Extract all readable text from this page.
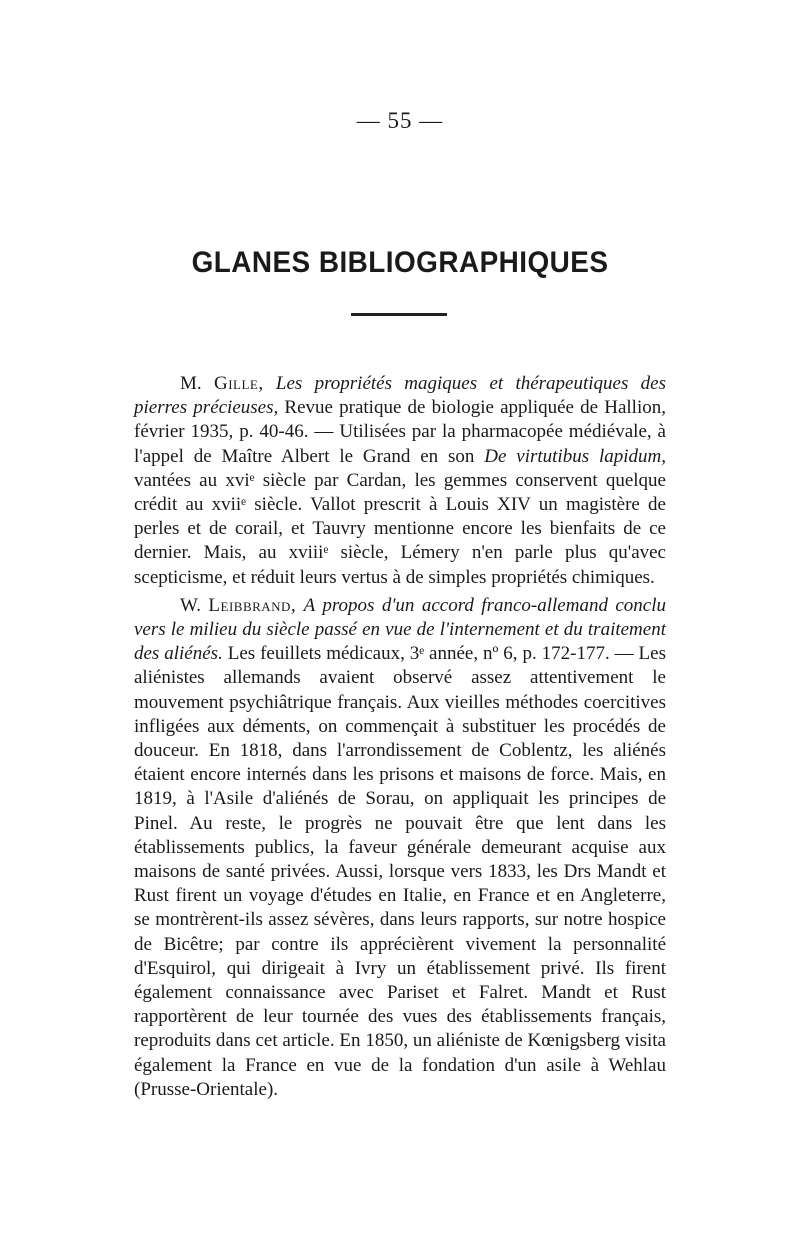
— 55 —
GLANES BIBLIOGRAPHIQUES

M. Gille, Les propriétés magiques et thérapeutiques des pierres précieuses, Revue pratique de biologie appliquée de Hallion, février 1935, p. 40-46. — Utilisées par la pharmacopée médiévale, à l'appel de Maître Albert le Grand en son De virtutibus lapidum, vantées au xviᵉ siècle par Cardan, les gemmes conservent quelque crédit au xviiᵉ siècle. Vallot prescrit à Louis XIV un magistère de perles et de corail, et Tauvry mentionne encore les bienfaits de ce dernier. Mais, au xviiiᵉ siècle, Lémery n'en parle plus qu'avec scepticisme, et réduit leurs vertus à de simples propriétés chimiques.

W. Leibbrand, A propos d'un accord franco-allemand conclu vers le milieu du siècle passé en vue de l'internement et du traitement des aliénés. Les feuillets médicaux, 3ᵉ année, nº 6, p. 172-177. — Les aliénistes allemands avaient observé assez attentivement le mouvement psychiâtrique français. Aux vieilles méthodes coercitives infligées aux déments, on commençait à substituer les procédés de douceur. En 1818, dans l'arrondissement de Coblentz, les aliénés étaient encore internés dans les prisons et maisons de force. Mais, en 1819, à l'Asile d'aliénés de Sorau, on appliquait les principes de Pinel. Au reste, le progrès ne pouvait être que lent dans les établissements publics, la faveur générale demeurant acquise aux maisons de santé privées. Aussi, lorsque vers 1833, les Drs Mandt et Rust firent un voyage d'études en Italie, en France et en Angleterre, se montrèrent-ils assez sévères, dans leurs rapports, sur notre hospice de Bicêtre; par contre ils apprécièrent vivement la personnalité d'Esquirol, qui dirigeait à Ivry un établissement privé. Ils firent également connaissance avec Pariset et Falret. Mandt et Rust rapportèrent de leur tournée des vues des établissements français, reproduits dans cet article. En 1850, un aliéniste de Kœnigsberg visita également la France en vue de la fondation d'un asile à Wehlau (Prusse-Orientale).
